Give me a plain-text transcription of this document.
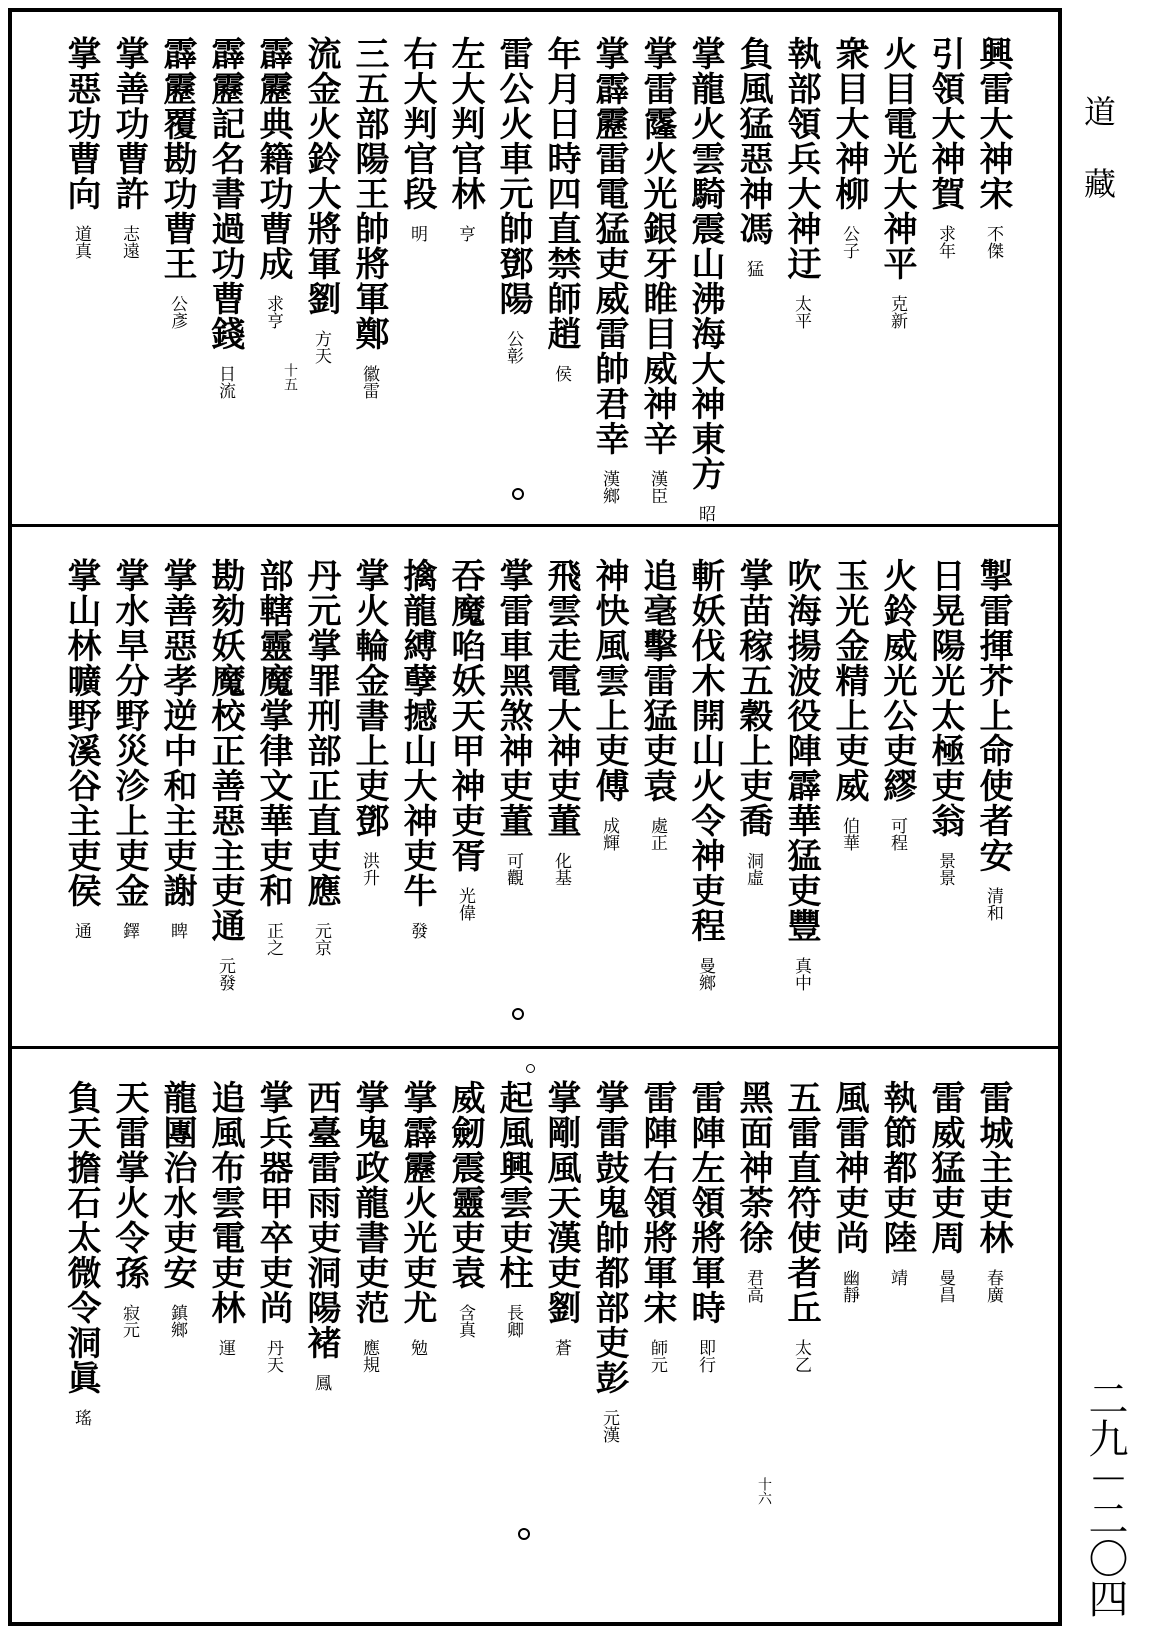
道藏
二九－二〇四
興雷大神宋不傑
引領大神賀求年
火目電光大神平克新
衆目大神柳公子
執部領兵大神迂太平
負風猛惡神馮猛
掌龍火雲騎震山沸海大神東方昭
掌雷霳火光銀牙睢目威神辛漢臣
掌霹靂雷電猛吏威雷帥君幸漢鄉
年月日時四直禁師趙侯
雷公火車元帥鄧陽公彰
左大判官林亨
右大判官段明
三五部陽王帥將軍鄭徽雷
流金火鈴大將軍劉方天
霹靂典籍功曹成求亨
霹靂記名書過功曹錢日流
霹靂覆勘功曹王公彥
掌善功曹許志遠
掌惡功曹向道真
十五
掣雷揮芥上命使者安清和
日晃陽光太極吏翁景景
火鈴威光公吏繆可程
玉光金精上吏威伯華
吹海揚波役陣霹華猛吏豐真中
掌苗稼五穀上吏喬洞虛
斬妖伐木開山火令神吏程曼鄉
追毫擊雷猛吏袁處正
神快風雲上吏傅成輝
飛雲走電大神吏董化基
掌雷車黑煞神吏董可觀
吞魔啗妖天甲神吏胥光偉
擒龍縛孽撼山大神吏牛發
掌火輪金書上吏鄧洪升
丹元掌罪刑部正直吏應元京
部轄靈魔掌律文華吏和正之
勘劾妖魔校正善惡主吏通元發
掌善惡孝逆中和主吏謝睥
掌水旱分野災沴上吏金鐸
掌山林曠野溪谷主吏侯通
雷城主吏林春廣
雷威猛吏周曼昌
執節都吏陸靖
風雷神吏尚幽靜
五雷直符使者丘太乙
黑面神荼徐君高
雷陣左領將軍時即行
雷陣右領將軍宋師元
掌雷鼓鬼帥都部吏彭元漢
掌剛風天漢吏劉蒼
起風興雲吏柱長卿
威劒震靈吏袁含真
掌霹靂火光吏尤勉
掌鬼政龍書吏范應規
西臺雷雨吏洞陽褚鳳
掌兵器甲卒吏尚丹天
追風布雲電吏林運
龍團治水吏安鎮鄉
天雷掌火令孫寂元
負天擔石太微令洞眞瑤
十六
